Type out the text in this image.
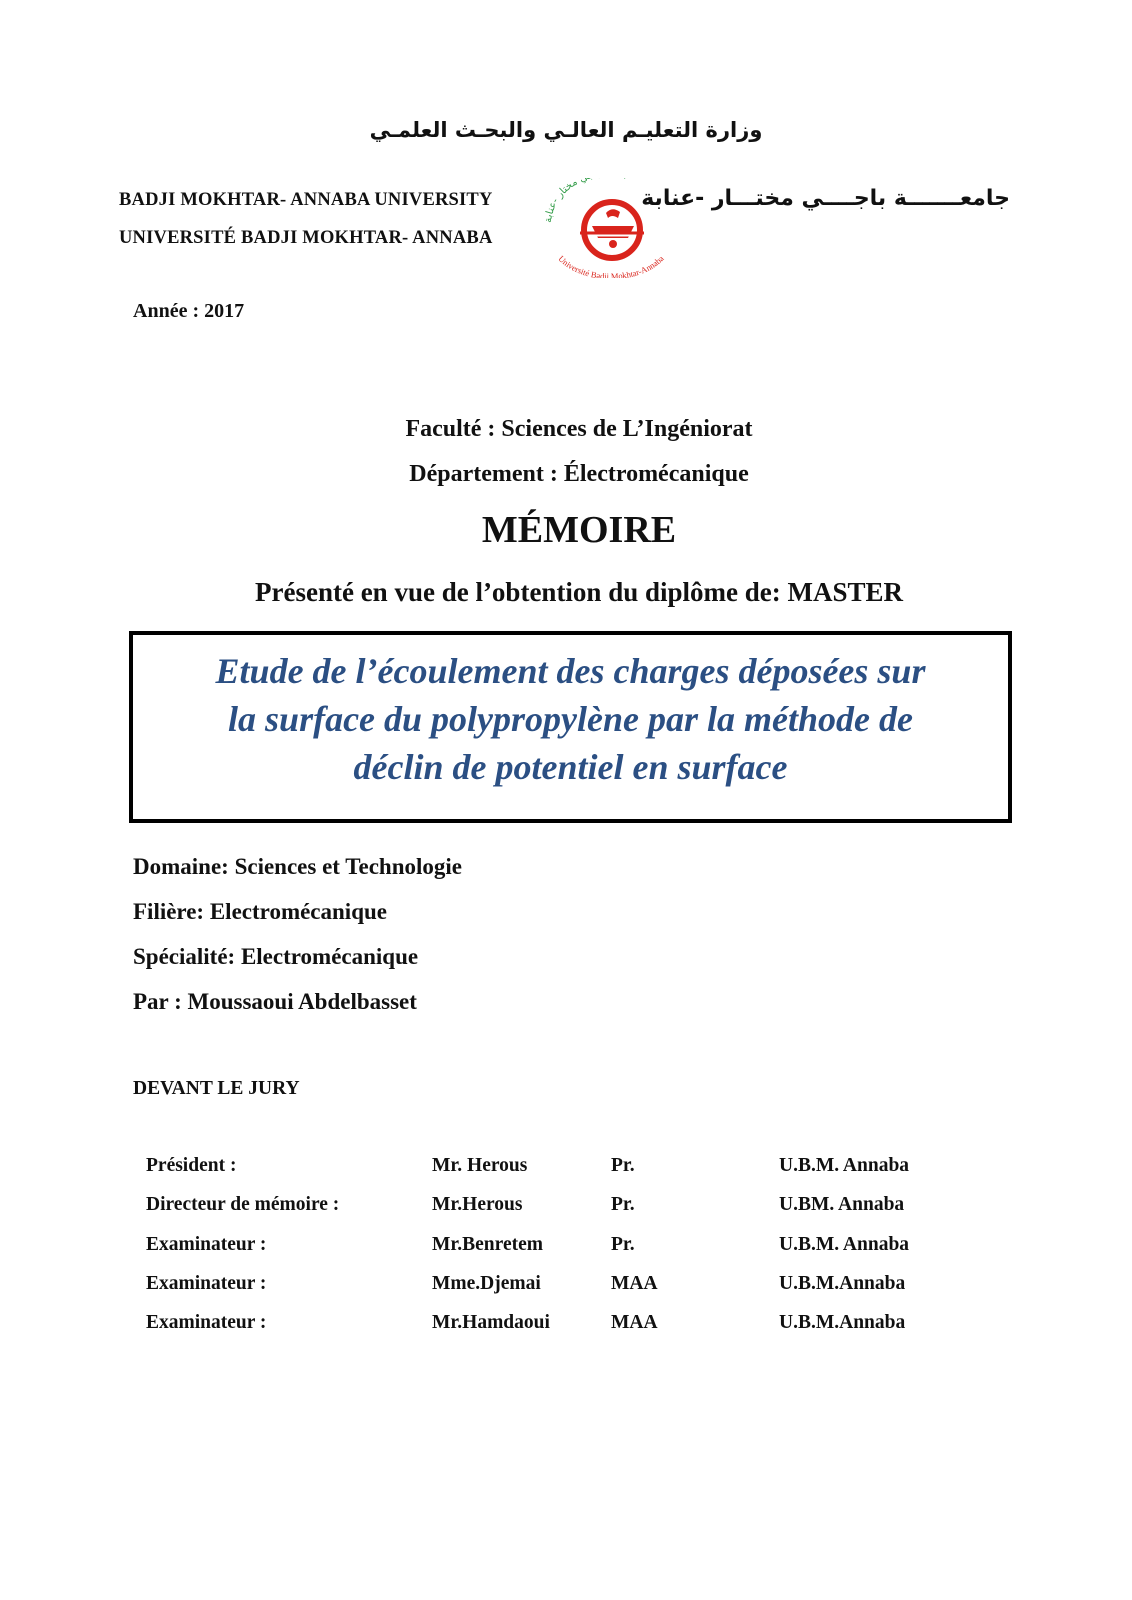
وزارة التعليـم العالـي والبحـث العلمـي
BADJI MOKHTAR- ANNABA UNIVERSITY
UNIVERSITÉ BADJI MOKHTAR- ANNABA
ي مختار -عنابة
Université Badji Mokhtar-Annaba
جامعـــــــة باجــــي مختـــار -عنابة
Année : 2017
Faculté : Sciences de L’Ingéniorat
Département : Électromécanique
MÉMOIRE
Présenté en vue de l’obtention du diplôme de: MASTER
Etude de l’écoulement des charges déposées sur
la surface du polypropylène par la méthode de
déclin de potentiel en surface
Domaine: Sciences et Technologie
Filière: Electromécanique
Spécialité: Electromécanique
Par : Moussaoui Abdelbasset
DEVANT LE JURY
Président :	Mr. Herous	Pr.	U.B.M. Annaba
Directeur de mémoire :	Mr.Herous	Pr.	U.BM. Annaba
Examinateur :	Mr.Benretem	Pr.	U.B.M. Annaba
Examinateur :	Mme.Djemai	MAA	U.B.M.Annaba
Examinateur :	Mr.Hamdaoui	MAA	U.B.M.Annaba
